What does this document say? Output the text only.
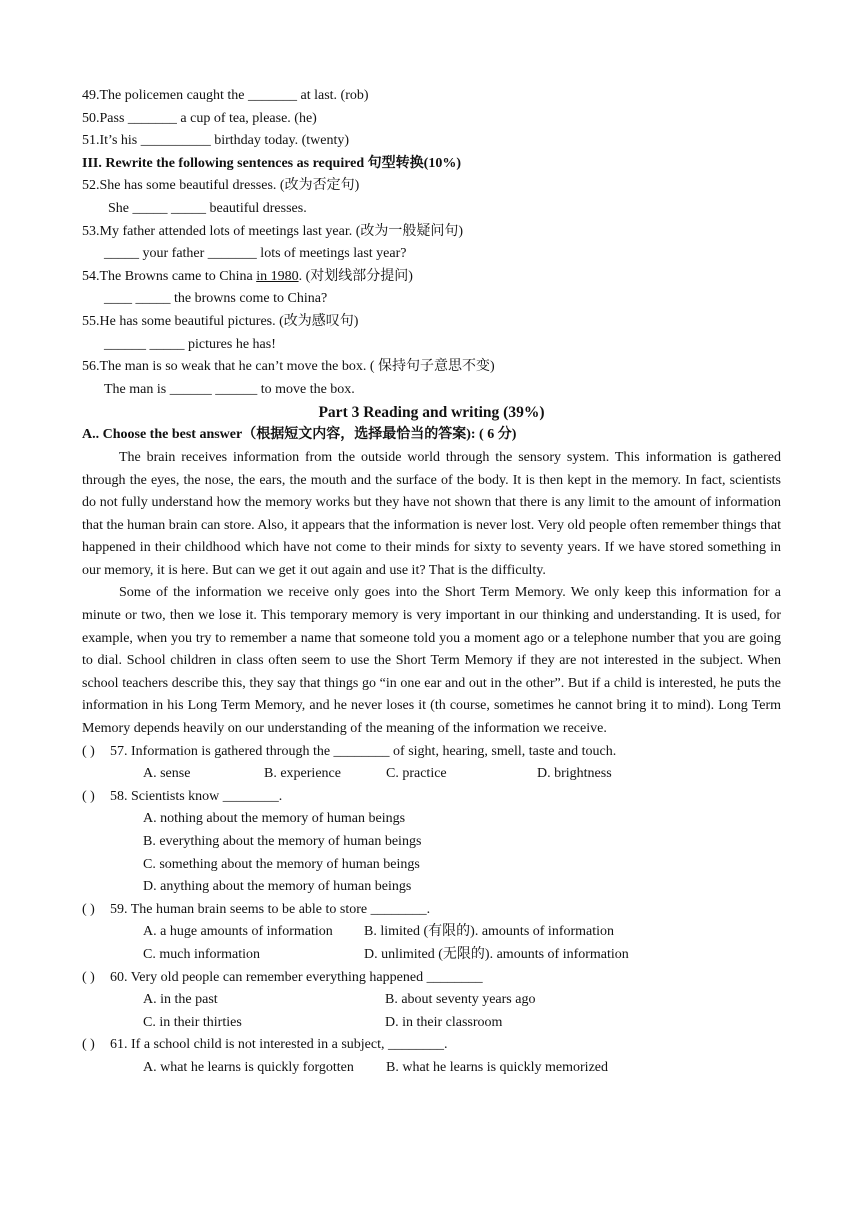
49.The policemen caught the _______ at last. (rob)
50.Pass _______ a cup of tea, please. (he)
51.It’s his __________ birthday today. (twenty)
III. Rewrite the following sentences as required 句型转换(10%)
52.She has some beautiful dresses. (改为否定句)
She _____ _____ beautiful dresses.
53.My father attended lots of meetings last year. (改为一般疑问句)
_____ your father _______ lots of meetings last year?
54.The Browns came to China in 1980. (对划线部分提问)
____ _____ the browns come to China?
55.He has some beautiful pictures. (改为感叹句)
______ _____ pictures he has!
56.The man is so weak that he can’t move the box. ( 保持句子意思不变)
The man is ______ ______ to move the box.
Part 3 Reading and writing (39%)
A.. Choose the best answer（根据短文内容，选择最恰当的答案): ( 6 分)
The brain receives information from the outside world through the sensory system. This information is gathered through the eyes, the nose, the ears, the mouth and the surface of the body. It is then kept in the memory. In fact, scientists do not fully understand how the memory works but they have not shown that there is any limit to the amount of information that the human brain can store. Also, it appears that the information is never lost. Very old people often remember things that happened in their childhood which have not come to their minds for sixty to seventy years. If we have stored something in our memory, it is here. But can we get it out again and use it? That is the difficulty.
Some of the information we receive only goes into the Short Term Memory. We only keep this information for a minute or two, then we lose it. This temporary memory is very important in our thinking and understanding. It is used, for example, when you try to remember a name that someone told you a moment ago or a telephone number that you are going to dial. School children in class often seem to use the Short Term Memory if they are not interested in the subject. When school teachers describe this, they say that things go “in one ear and out in the other”. But if a child is interested, he puts the information in his Long Term Memory, and he never loses it (th course, sometimes he cannot bring it to mind). Long Term Memory depends heavily on our understanding of the meaning of the information we receive.
( )	57. Information is gathered through the ________ of sight, hearing, smell, taste and touch.
A. sense	B. experience	C. practice	D. brightness
( )	58. Scientists know ________.
A. nothing about the memory of human beings
B. everything about the memory of human beings
C. something about the memory of human beings
D. anything about the memory of human beings
( )	59. The human brain seems to be able to store ________.
A. a huge amounts of information	B. limited (有限的). amounts of information
C. much information	D. unlimited (无限的). amounts of information
( )	60. Very old people can remember everything happened ________
A. in the past	B. about seventy years ago
C. in their thirties	D. in their classroom
( )	61. If a school child is not interested in a subject, ________.
A. what he learns is quickly forgotten	B. what he learns is quickly memorized
